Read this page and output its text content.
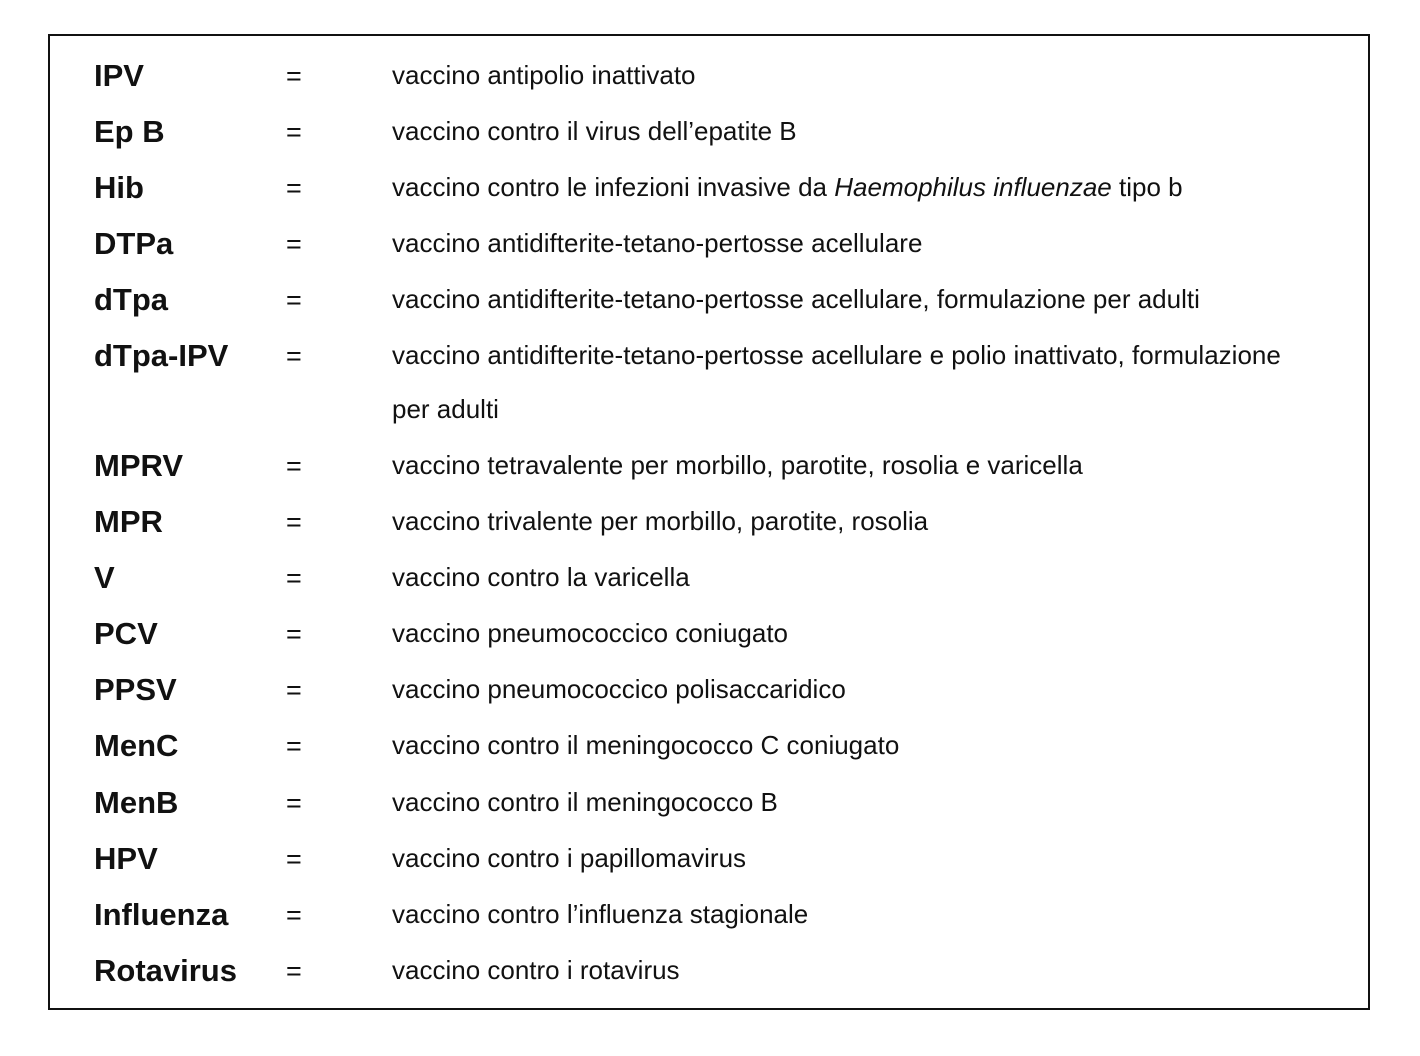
IPV	=	vaccino antipolio inattivato
Ep B	=	vaccino contro il virus dell’epatite B
Hib	=	vaccino contro le infezioni invasive da Haemophilus influenzae tipo b
DTPa	=	vaccino antidifterite-tetano-pertosse acellulare
dTpa	=	vaccino antidifterite-tetano-pertosse acellulare, formulazione per adulti
dTpa-IPV =	vaccino antidifterite-tetano-pertosse acellulare e polio inattivato, formulazione per adulti
MPRV	=	vaccino tetravalente per morbillo, parotite, rosolia e varicella
MPR	=	vaccino trivalente per morbillo, parotite, rosolia
V	=	vaccino contro la varicella
PCV	=	vaccino pneumococcico coniugato
PPSV	=	vaccino pneumococcico polisaccaridico
MenC	=	vaccino contro il meningococco C coniugato
MenB	=	vaccino contro il meningococco B
HPV	=	vaccino contro i papillomavirus
Influenza =	vaccino contro l’influenza stagionale
Rotavirus =	vaccino contro i rotavirus
